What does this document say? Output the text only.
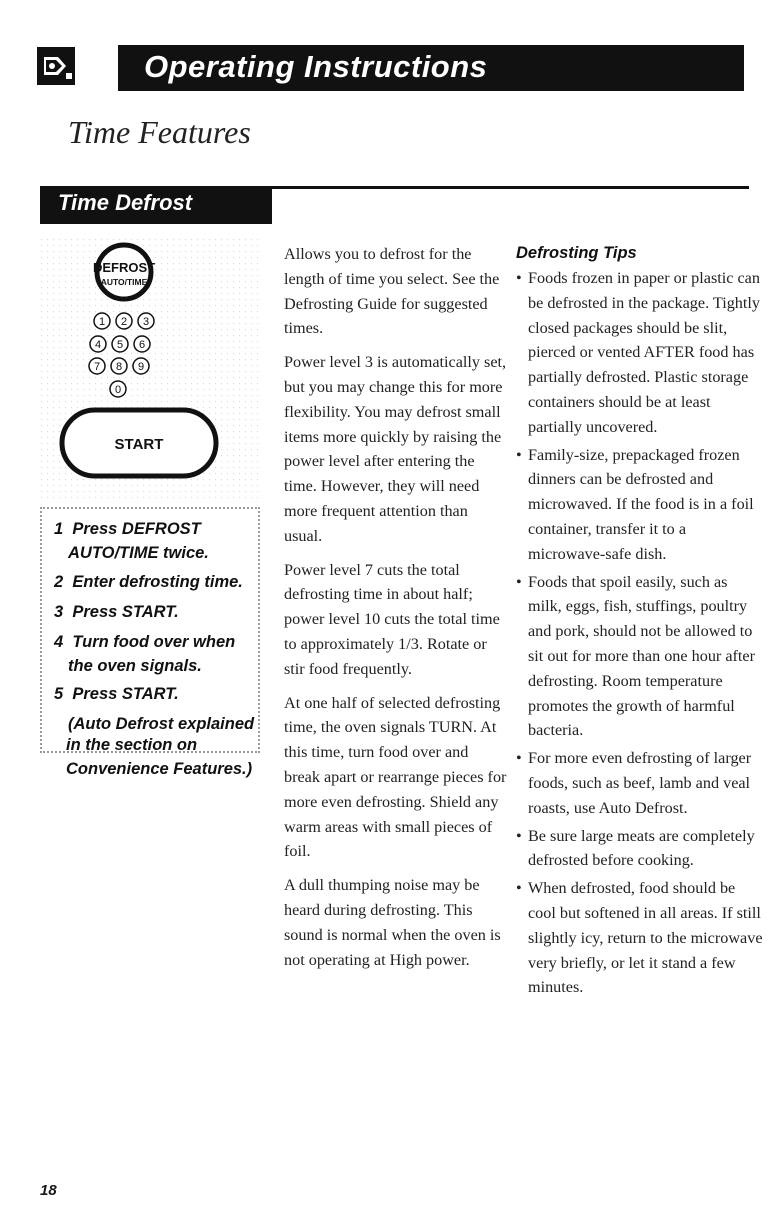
Operating Instructions
Time Features
Time Defrost
DEFROST
AUTO/TIME
1 2 3
4 5 6
7 8 9
0
START
1 Press DEFROST
AUTO/TIME twice.
2 Enter defrosting time.
3 Press START.
4 Turn food over when
the oven signals.
5 Press START.
(Auto Defrost explained
in the section on
Convenience Features.)

Allows you to defrost for the length of time you select. See the Defrosting Guide for suggested times.

Power level 3 is automatically set, but you may change this for more flexibility. You may defrost small items more quickly by raising the power level after entering the time. However, they will need more frequent attention than usual.

Power level 7 cuts the total defrosting time in about half; power level 10 cuts the total time to approximately 1/3. Rotate or stir food frequently.

At one half of selected defrosting time, the oven signals TURN. At this time, turn food over and break apart or rearrange pieces for more even defrosting. Shield any warm areas with small pieces of foil.

A dull thumping noise may be heard during defrosting. This sound is normal when the oven is not operating at High power.

Defrosting Tips
• Foods frozen in paper or plastic can be defrosted in the package. Tightly closed packages should be slit, pierced or vented AFTER food has partially defrosted. Plastic storage containers should be at least partially uncovered.
• Family-size, prepackaged frozen dinners can be defrosted and microwaved. If the food is in a foil container, transfer it to a microwave-safe dish.
• Foods that spoil easily, such as milk, eggs, fish, stuffings, poultry and pork, should not be allowed to sit out for more than one hour after defrosting. Room temperature promotes the growth of harmful bacteria.
• For more even defrosting of larger foods, such as beef, lamb and veal roasts, use Auto Defrost.
• Be sure large meats are completely defrosted before cooking.
• When defrosted, food should be cool but softened in all areas. If still slightly icy, return to the microwave very briefly, or let it stand a few minutes.
18
